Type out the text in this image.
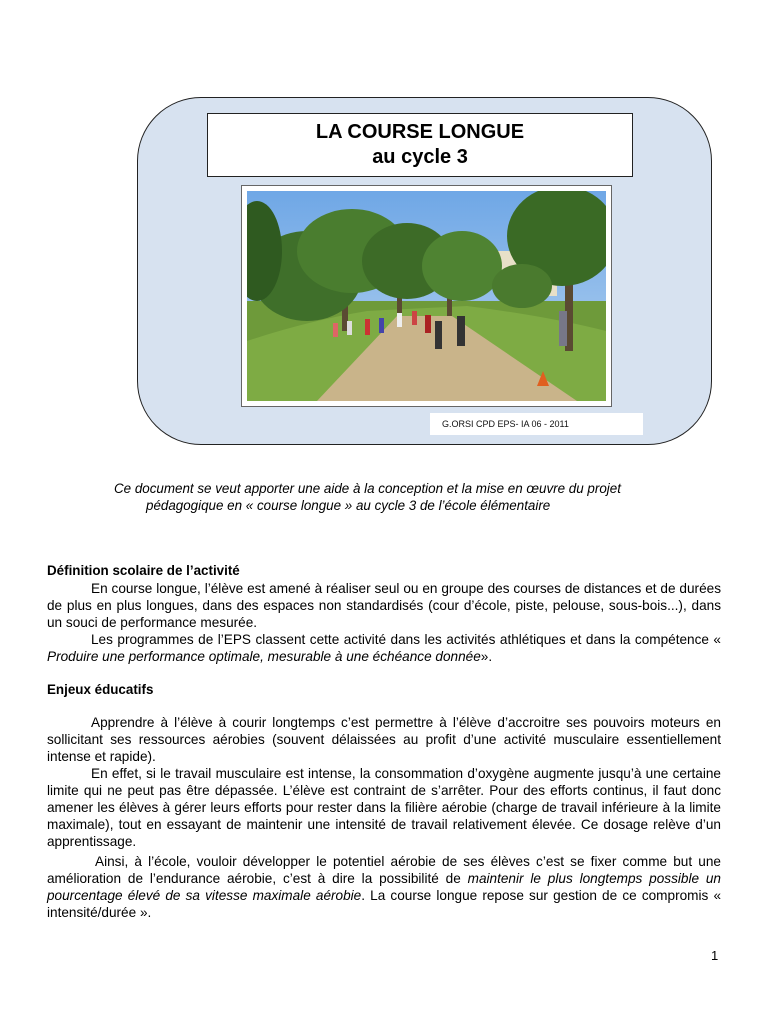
LA COURSE LONGUE
au cycle 3
G.ORSI CPD EPS- IA 06 - 2011
Ce document se veut apporter une aide à la conception et la mise en œuvre du projet
pédagogique en « course longue » au cycle 3 de l’école élémentaire
Définition scolaire de l’activité
En course longue, l’élève est amené à réaliser seul ou en groupe des courses de distances et de durées de plus en plus longues, dans des espaces non standardisés (cour d’école, piste, pelouse, sous-bois...), dans un souci de performance mesurée.
Les programmes de l’EPS classent cette activité dans les activités athlétiques et dans la compétence « Produire une performance optimale, mesurable à une échéance donnée».
Enjeux éducatifs
Apprendre à l’élève à courir longtemps c’est permettre à l’élève d’accroitre ses pouvoirs moteurs en sollicitant ses ressources aérobies (souvent délaissées au profit d’une activité musculaire essentiellement intense et rapide).
En effet, si le travail musculaire est intense, la consommation d’oxygène augmente jusqu’à une certaine limite qui ne peut pas être dépassée. L’élève est contraint de s’arrêter. Pour des efforts continus, il faut donc amener les élèves à gérer leurs efforts pour rester dans la filière aérobie (charge de travail inférieure à la limite maximale), tout en essayant de maintenir une intensité de travail relativement élevée. Ce dosage relève d’un apprentissage.
Ainsi, à l’école, vouloir développer le potentiel aérobie de ses élèves c’est se fixer comme but une amélioration de l’endurance aérobie, c’est à dire la possibilité de maintenir le plus longtemps possible un pourcentage élevé de sa vitesse maximale aérobie. La course longue repose sur gestion de ce compromis « intensité/durée ».
1
